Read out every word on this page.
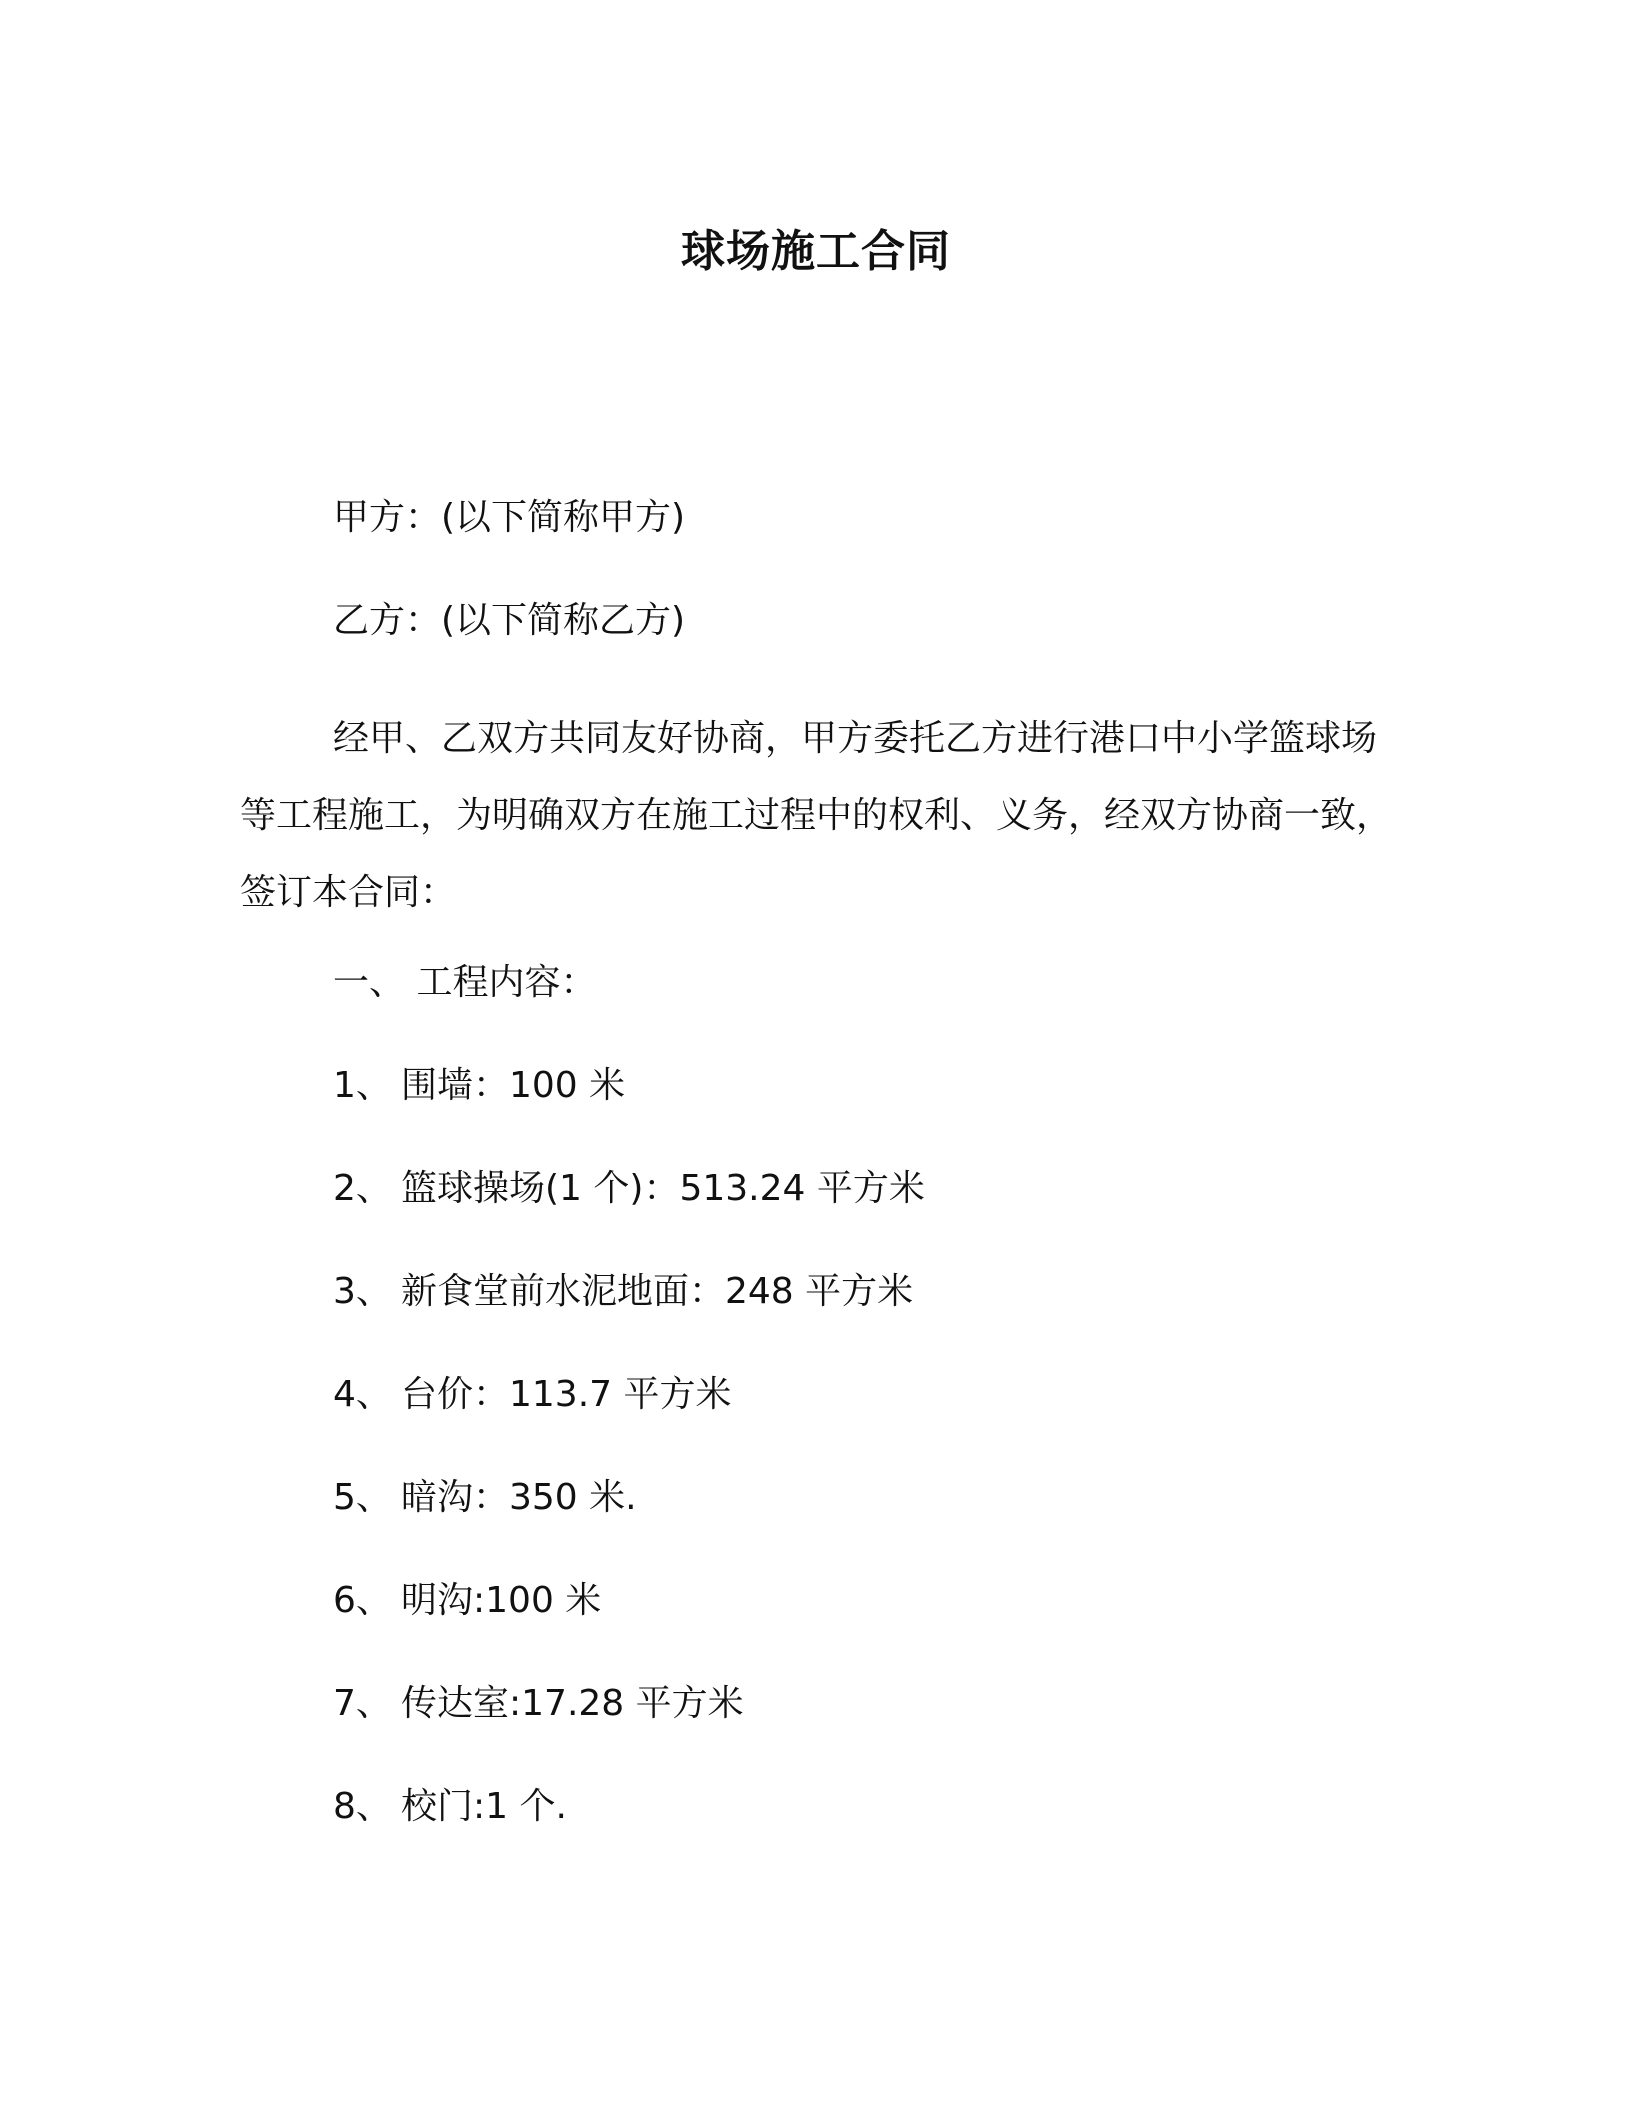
球场施工合同
甲方：(以下简称甲方)
乙方：(以下简称乙方)
经甲、乙双方共同友好协商，甲方委托乙方进行港口中小学篮球场等工程施工，为明确双方在施工过程中的权利、义务，经双方协商一致，签订本合同：
一、 工程内容：
1、 围墙：100 米
2、 篮球操场(1 个)：513.24 平方米
3、 新食堂前水泥地面：248 平方米
4、 台价：113.7 平方米
5、 暗沟：350 米.
6、 明沟:100 米
7、 传达室:17.28 平方米
8、 校门:1 个.
